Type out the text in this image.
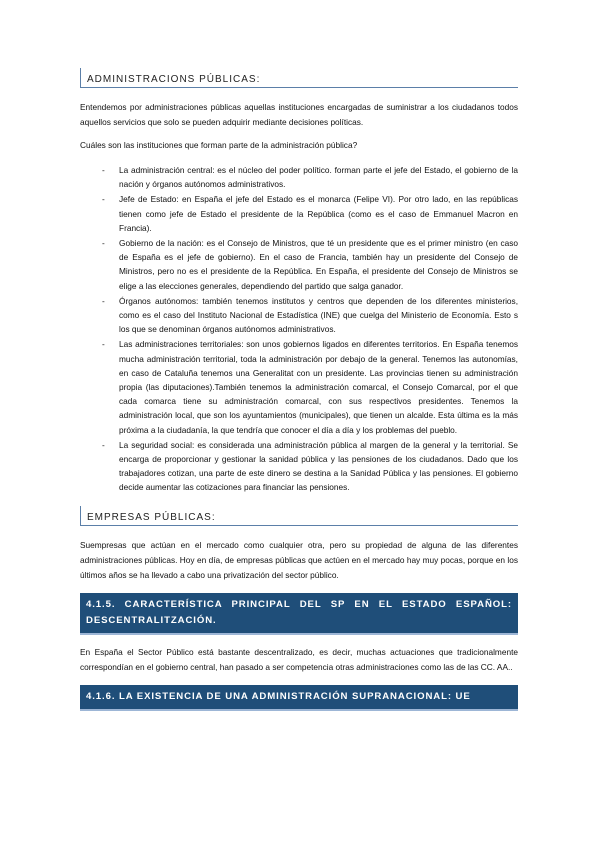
ADMINISTRACIONS PÚBLICAS:

Entendemos por administraciones públicas aquellas instituciones encargadas de suministrar a los ciudadanos todos aquellos servicios que solo se pueden adquirir mediante decisiones políticas.

Cuáles son las instituciones que forman parte de la administración pública?

- La administración central: es el núcleo del poder político. forman parte el jefe del Estado, el gobierno de la nación y órganos autónomos administrativos.
- Jefe de Estado: en España el jefe del Estado es el monarca (Felipe VI). Por otro lado, en las repúblicas tienen como jefe de Estado el presidente de la República (como es el caso de Emmanuel Macron en Francia).
- Gobierno de la nación: es el Consejo de Ministros, que té un presidente que es el primer ministro (en caso de España es el jefe de gobierno). En el caso de Francia, también hay un presidente del Consejo de Ministros, pero no es el presidente de la República. En España, el presidente del Consejo de Ministros se elige a las elecciones generales, dependiendo del partido que salga ganador.
- Órganos autónomos: también tenemos institutos y centros que dependen de los diferentes ministerios, como es el caso del Instituto Nacional de Estadística (INE) que cuelga del Ministerio de Economía. Esto s los que se denominan órganos autónomos administrativos.
- Las administraciones territoriales: son unos gobiernos ligados en diferentes territorios. En España tenemos mucha administración territorial, toda la administración por debajo de la general. Tenemos las autonomías, en caso de Cataluña tenemos una Generalitat con un presidente. Las provincias tienen su administración propia (las diputaciones).También tenemos la administración comarcal, el Consejo Comarcal, por el que cada comarca tiene su administración comarcal, con sus respectivos presidentes. Tenemos la administración local, que son los ayuntamientos (municipales), que tienen un alcalde. Esta última es la más próxima a la ciudadanía, la que tendría que conocer el día a día y los problemas del pueblo.
- La seguridad social: es considerada una administración pública al margen de la general y la territorial. Se encarga de proporcionar y gestionar la sanidad pública y las pensiones de los ciudadanos. Dado que los trabajadores cotizan, una parte de este dinero se destina a la Sanidad Pública y las pensiones. El gobierno decide aumentar las cotizaciones para financiar las pensiones.
EMPRESAS PÚBLICAS:

Suempresas que actúan en el mercado como cualquier otra, pero su propiedad de alguna de las diferentes administraciones públicas. Hoy en día, de empresas públicas que actúen en el mercado hay muy pocas, porque en los últimos años se ha llevado a cabo una privatización del sector público.

4.1.5. CARACTERÍSTICA PRINCIPAL DEL SP EN EL ESTADO ESPAÑOL: DESCENTRALITZACIÓN.

En España el Sector Público está bastante descentralizado, es decir, muchas actuaciones que tradicionalmente correspondían en el gobierno central, han pasado a ser competencia otras administraciones como las de las CC. AA..

4.1.6. LA EXISTENCIA DE UNA ADMINISTRACIÓN SUPRANACIONAL: UE
